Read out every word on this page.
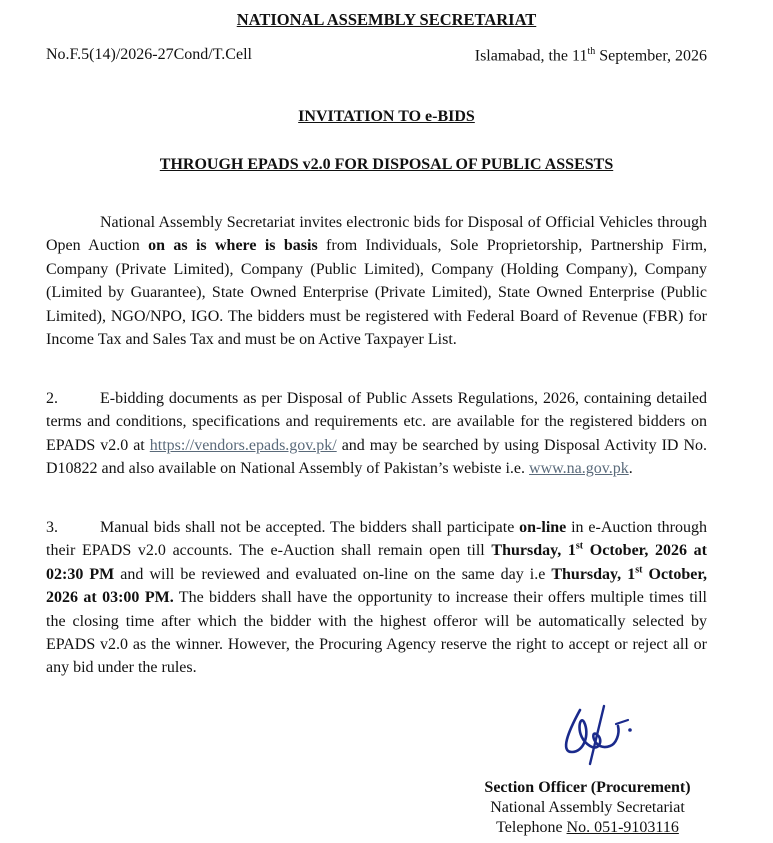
NATIONAL ASSEMBLY SECRETARIAT
No.F.5(14)/2026-27Cond/T.Cell	Islamabad, the 11th September, 2026
INVITATION TO e-BIDS
THROUGH EPADS v2.0 FOR DISPOSAL OF PUBLIC ASSESTS
National Assembly Secretariat invites electronic bids for Disposal of Official Vehicles through Open Auction on as is where is basis from Individuals, Sole Proprietorship, Partnership Firm, Company (Private Limited), Company (Public Limited), Company (Holding Company), Company (Limited by Guarantee), State Owned Enterprise (Private Limited), State Owned Enterprise (Public Limited), NGO/NPO, IGO. The bidders must be registered with Federal Board of Revenue (FBR) for Income Tax and Sales Tax and must be on Active Taxpayer List.
2.	E-bidding documents as per Disposal of Public Assets Regulations, 2026, containing detailed terms and conditions, specifications and requirements etc. are available for the registered bidders on EPADS v2.0 at https://vendors.epads.gov.pk/ and may be searched by using Disposal Activity ID No. D10822 and also available on National Assembly of Pakistan’s webiste i.e. www.na.gov.pk.
3.	Manual bids shall not be accepted. The bidders shall participate on-line in e-Auction through their EPADS v2.0 accounts. The e-Auction shall remain open till Thursday, 1st October, 2026 at 02:30 PM and will be reviewed and evaluated on-line on the same day i.e Thursday, 1st October, 2026 at 03:00 PM. The bidders shall have the opportunity to increase their offers multiple times till the closing time after which the bidder with the highest offeror will be automatically selected by EPADS v2.0 as the winner. However, the Procuring Agency reserve the right to accept or reject all or any bid under the rules.
Section Officer (Procurement)
National Assembly Secretariat
Telephone No. 051-9103116
